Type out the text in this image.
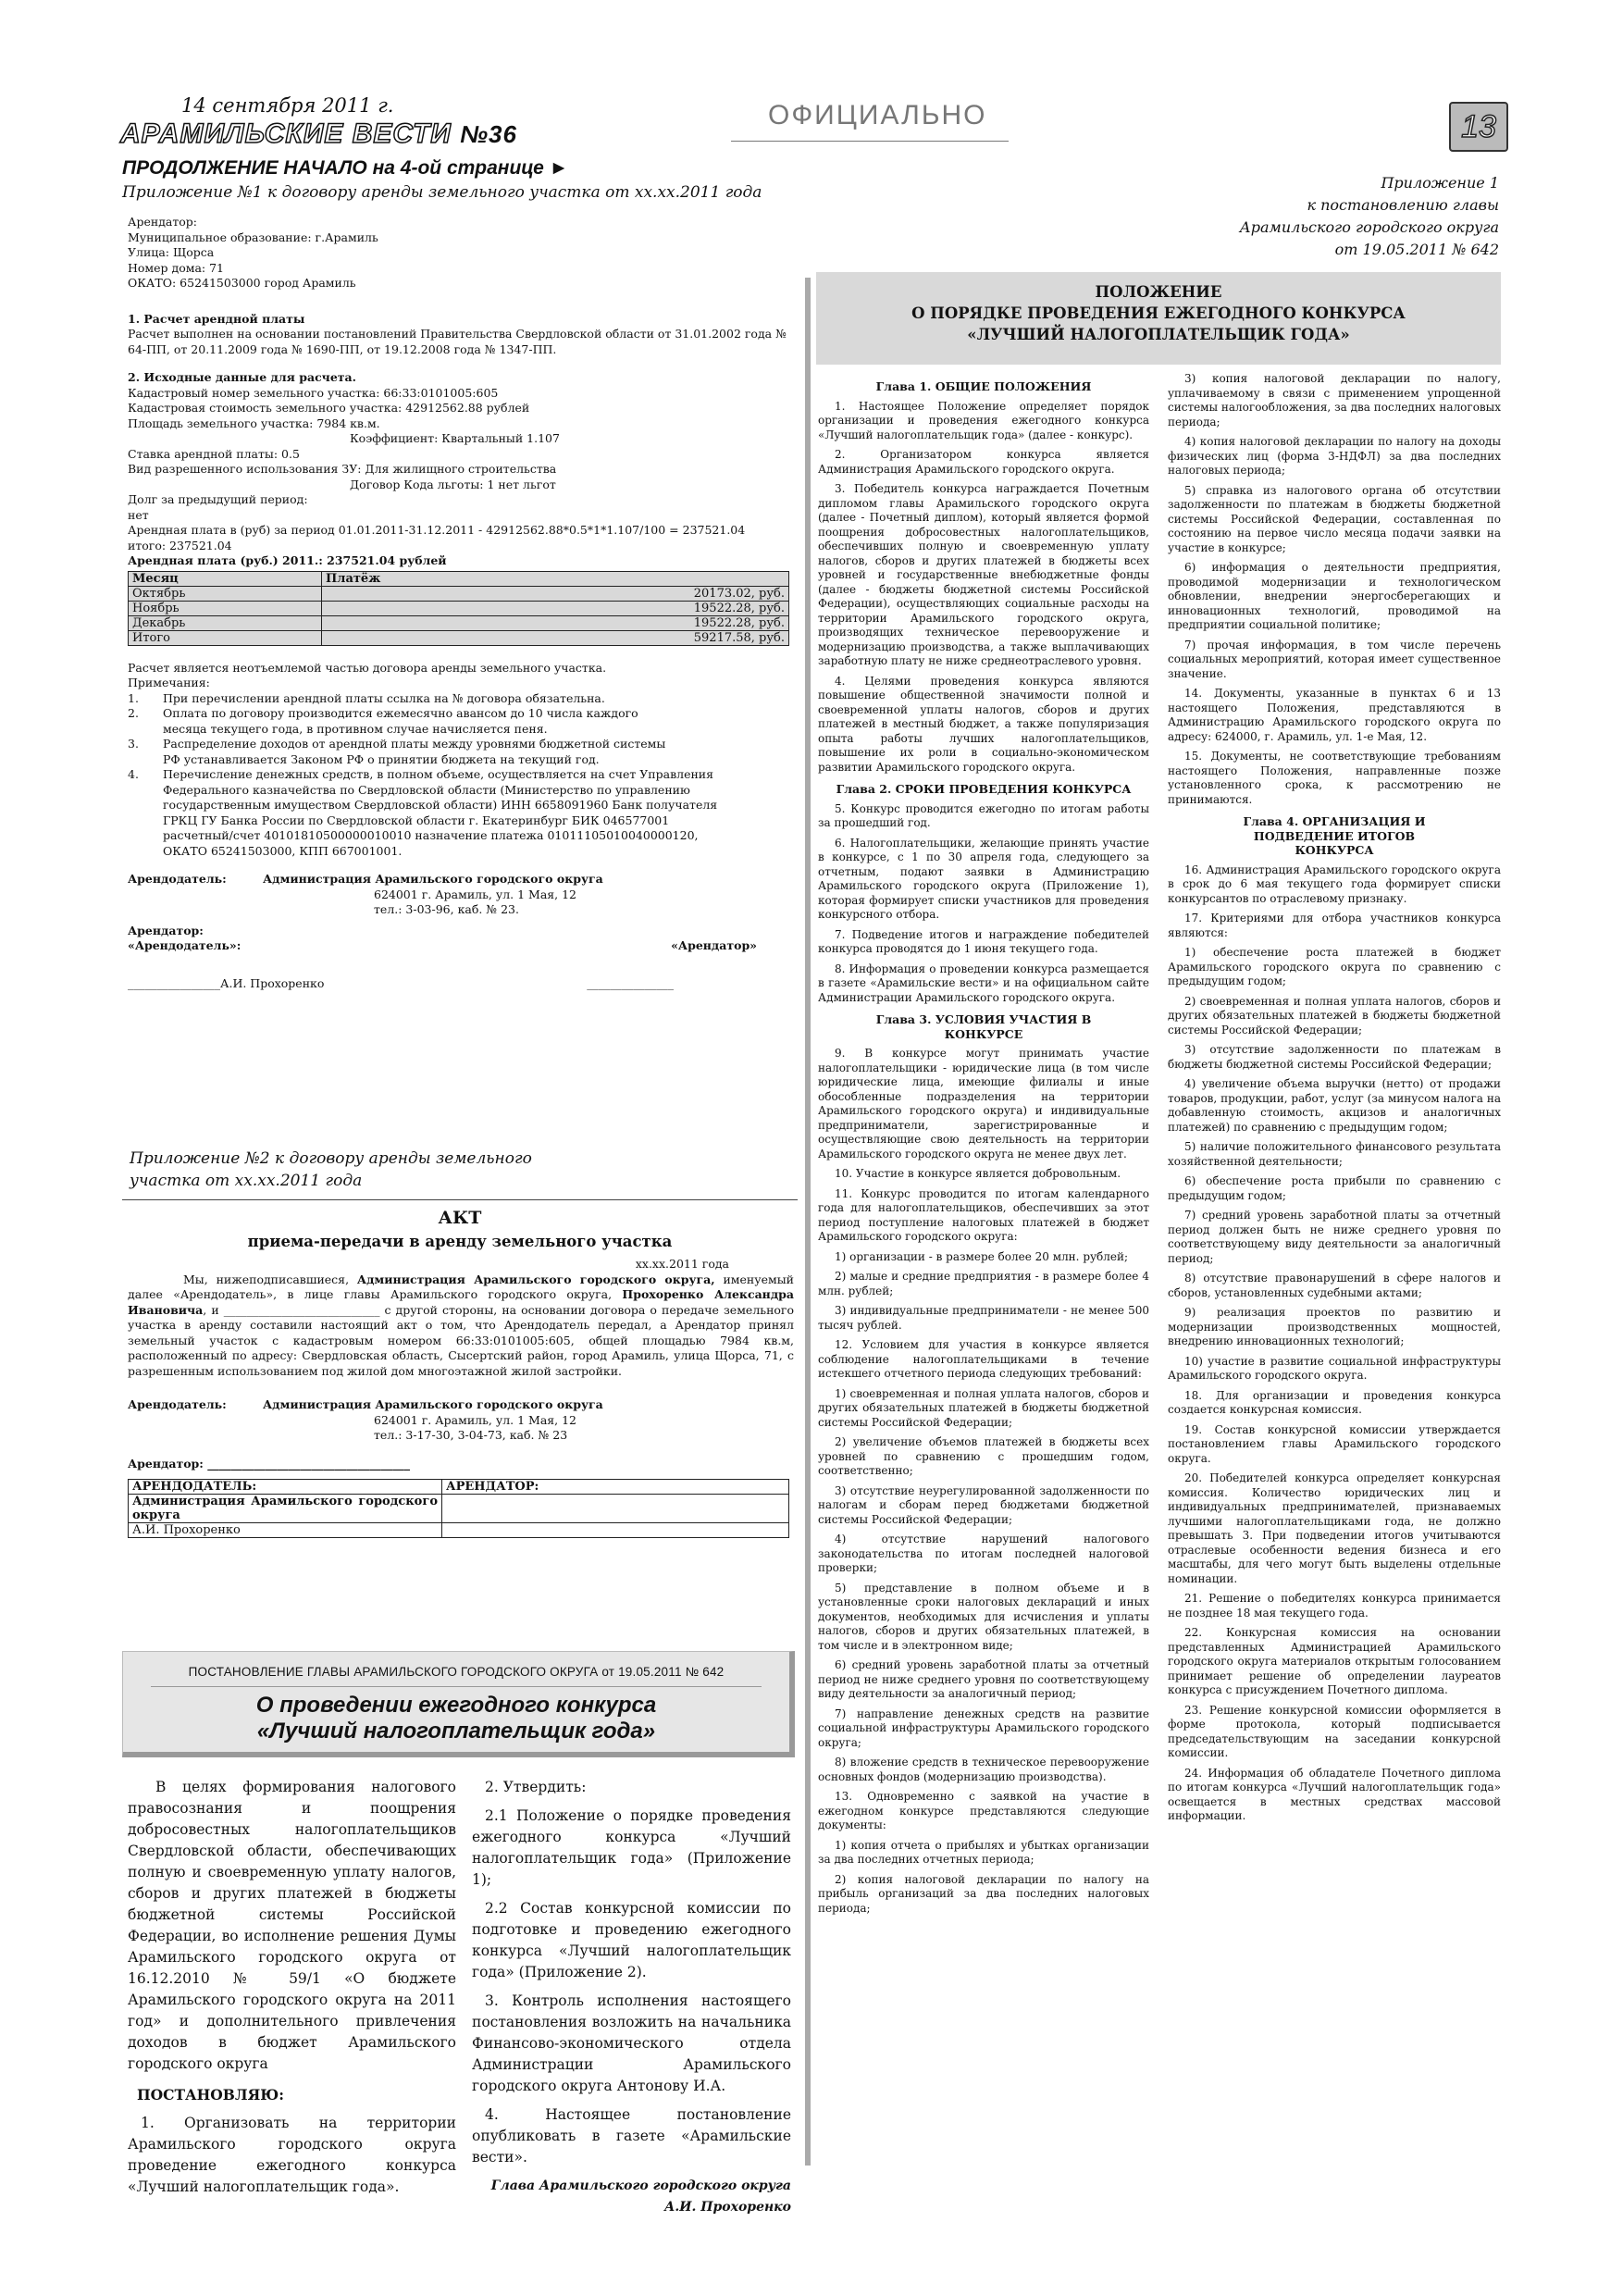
14 сентября 2011 г.
АРАМИЛЬСКИЕ ВЕСТИ №36
ОФИЦИАЛЬНО	13
ПРОДОЛЖЕНИЕ НАЧАЛО на 4-ой странице ►
Приложение №1 к договору аренды земельного участка от xx.xx.2011 года

Арендатор:

Муниципальное образование: г.Арамиль

Улица: Щорса

Номер дома: 71

ОКАТО: 65241503000 город Арамиль

1. Расчет арендной платы

Расчет выполнен на основании постановлений Правительства Свердловской области от 31.01.2002 года № 64-ПП, от 20.11.2009 года № 1690-ПП, от 19.12.2008 года № 1347-ПП.

2. Исходные данные для расчета.

Кадастровый номер земельного участка: 66:33:0101005:605

Кадастровая стоимость земельного участка: 42912562.88 рублей

Площадь земельного участка: 7984 кв.м.

Коэффициент: Квартальный 1.107

Ставка арендной платы: 0.5

Вид разрешенного использования ЗУ: Для жилищного строительства

Договор Кода льготы: 1 нет льгот

Долг за предыдущий период:

нет

Арендная плата в (руб) за период 01.01.2011-31.12.2011 - 42912562.88*0.5*1*1.107/100 = 237521.04

итого: 237521.04

Арендная плата (руб.) 2011.: 237521.04 рублей

Месяц	Платёж
Октябрь	20173.02, руб.
Ноябрь	19522.28, руб.
Декабрь	19522.28, руб.
Итого	59217.58, руб.

Расчет является неотъемлемой частью договора аренды земельного участка.

Примечания:

1.	При перечислении арендной платы ссылка на № договора обязательна.
2.	Оплата по договору производится ежемесячно авансом до 10 числа каждого месяца текущего года, в противном случае начисляется пеня.
3.	Распределение доходов от арендной платы между уровнями бюджетной системы РФ устанавливается Законом РФ о принятии бюджета на текущий год.
4.	Перечисление денежных средств, в полном объеме, осуществляется на счет Управления Федерального казначейства по Свердловской области (Министерство по управлению государственным имуществом Свердловской области) ИНН 6658091960 Банк получателя ГРКЦ ГУ Банка России по Свердловской области г. Екатеринбург БИК 046577001 расчетный/счет 40101810500000010010 назначение платежа 01011105010040000120, ОКАТО 65241503000, КПП 667001001.

Арендодатель:	Администрация Арамильского городского округа

624001 г. Арамиль, ул. 1 Мая, 12

тел.: 3-03-96, каб. № 23.

Арендатор:

«Арендодатель»:	«Арендатор»

________________А.И. Прохоренко	_______________
Приложение №2 к договору аренды земельного участка от xx.xx.2011 года
АКТ
приема-передачи в аренду земельного участка

xx.xx.2011 года

Мы, нижеподписавшиеся, Администрация Арамильского городского округа, именуемый далее «Арендодатель», в лице главы Арамильского городского округа, Прохоренко Александра Ивановича, и ___________________________ с другой стороны, на основании договора о передаче земельного участка в аренду составили настоящий акт о том, что Арендодатель передал, а Арендатор принял земельный участок с кадастровым номером 66:33:0101005:605, общей площадью 7984 кв.м, расположенный по адресу: Свердловская область, Сысертский район, город Арамиль, улица Щорса, 71, с разрешенным использованием под жилой дом многоэтажной жилой застройки.

Арендодатель:	Администрация Арамильского городского округа

624001 г. Арамиль, ул. 1 Мая, 12

тел.: 3-17-30, 3-04-73, каб. № 23

Арендатор: ___________________________________

АРЕНДОДАТЕЛЬ:	АРЕНДАТОР:
Администрация Арамильского городского округа	
А.И. Прохоренко	
ПОСТАНОВЛЕНИЕ ГЛАВЫ АРАМИЛЬСКОГО ГОРОДСКОГО ОКРУГА от 19.05.2011 № 642
О проведении ежегодного конкурса
«Лучший налогоплательщик года»

В целях формирования налогового правосознания и поощрения добросовестных налогоплательщиков Свердловской области, обеспечивающих полную и своевременную уплату налогов, сборов и других платежей в бюджеты бюджетной системы Российской Федерации, во исполнение решения Думы Арамильского городского округа от 16.12.2010 № 59/1 «О бюджете Арамильского городского округа на 2011 год» и дополнительного привлечения доходов в бюджет Арамильского городского округа

ПОСТАНОВЛЯЮ:

1. Организовать на территории Арамильского городского округа проведение ежегодного конкурса «Лучший налогоплательщик года».

2. Утвердить:

2.1 Положение о порядке проведения ежегодного конкурса «Лучший налогоплательщик года» (Приложение 1);

2.2 Состав конкурсной комиссии по подготовке и проведению ежегодного конкурса «Лучший налогоплательщик года» (Приложение 2).

3. Контроль исполнения настоящего постановления возложить на начальника Финансово-экономического отдела Администрации Арамильского городского округа Антонову И.А.

4. Настоящее постановление опубликовать в газете «Арамильские вести».

Глава Арамильского городского округа

А.И. Прохоренко

Приложение 1

к постановлению главы

Арамильского городского округа

от 19.05.2011 № 642

ПОЛОЖЕНИЕ

О ПОРЯДКЕ ПРОВЕДЕНИЯ ЕЖЕГОДНОГО КОНКУРСА

«ЛУЧШИЙ НАЛОГОПЛАТЕЛЬЩИК ГОДА»

Глава 1. ОБЩИЕ ПОЛОЖЕНИЯ

1. Настоящее Положение определяет порядок организации и проведения ежегодного конкурса «Лучший налогоплательщик года» (далее - конкурс).

2. Организатором конкурса является Администрация Арамильского городского округа.

3. Победитель конкурса награждается Почетным дипломом главы Арамильского городского округа (далее - Почетный диплом), который является формой поощрения добросовестных налогоплательщиков, обеспечивших полную и своевременную уплату налогов, сборов и других платежей в бюджеты всех уровней и государственные внебюджетные фонды (далее - бюджеты бюджетной системы Российской Федерации), осуществляющих социальные расходы на территории Арамильского городского округа, производящих техническое перевооружение и модернизацию производства, а также выплачивающих заработную плату не ниже среднеотраслевого уровня.

4. Целями проведения конкурса являются повышение общественной значимости полной и своевременной уплаты налогов, сборов и других платежей в местный бюджет, а также популяризация опыта работы лучших налогоплательщиков, повышение их роли в социально-экономическом развитии Арамильского городского округа.

Глава 2. СРОКИ ПРОВЕДЕНИЯ КОНКУРСА

5. Конкурс проводится ежегодно по итогам работы за прошедший год.

6. Налогоплательщики, желающие принять участие в конкурсе, с 1 по 30 апреля года, следующего за отчетным, подают заявки в Администрацию Арамильского городского округа (Приложение 1), которая формирует списки участников для проведения конкурсного отбора.

7. Подведение итогов и награждение победителей конкурса проводятся до 1 июня текущего года.

8. Информация о проведении конкурса размещается в газете «Арамильские вести» и на официальном сайте Администрации Арамильского городского округа.

Глава 3. УСЛОВИЯ УЧАСТИЯ В КОНКУРСЕ

9. В конкурсе могут принимать участие налогоплательщики - юридические лица (в том числе юридические лица, имеющие филиалы и иные обособленные подразделения на территории Арамильского городского округа) и индивидуальные предприниматели, зарегистрированные и осуществляющие свою деятельность на территории Арамильского городского округа не менее двух лет.

10. Участие в конкурсе является добровольным.

11. Конкурс проводится по итогам календарного года для налогоплательщиков, обеспечивших за этот период поступление налоговых платежей в бюджет Арамильского городского округа:

1) организации - в размере более 20 млн. рублей;

2) малые и средние предприятия - в размере более 4 млн. рублей;

3) индивидуальные предприниматели - не менее 500 тысяч рублей.

12. Условием для участия в конкурсе является соблюдение налогоплательщиками в течение истекшего отчетного периода следующих требований:

1) своевременная и полная уплата налогов, сборов и других обязательных платежей в бюджеты бюджетной системы Российской Федерации;

2) увеличение объемов платежей в бюджеты всех уровней по сравнению с прошедшим годом, соответственно;

3) отсутствие неурегулированной задолженности по налогам и сборам перед бюджетами бюджетной системы Российской Федерации;

4) отсутствие нарушений налогового законодательства по итогам последней налоговой проверки;

5) представление в полном объеме и в установленные сроки налоговых деклараций и иных документов, необходимых для исчисления и уплаты налогов, сборов и других обязательных платежей, в том числе и в электронном виде;

6) средний уровень заработной платы за отчетный период не ниже среднего уровня по соответствующему виду деятельности за аналогичный период;

7) направление денежных средств на развитие социальной инфраструктуры Арамильского городского округа;

8) вложение средств в техническое перевооружение основных фондов (модернизацию производства).

13. Одновременно с заявкой на участие в ежегодном конкурсе представляются следующие документы:

1) копия отчета о прибылях и убытках организации за два последних отчетных периода;

2) копия налоговой декларации по налогу на прибыль организаций за два последних налоговых периода;

3) копия налоговой декларации по налогу, уплачиваемому в связи с применением упрощенной системы налогообложения, за два последних налоговых периода;

4) копия налоговой декларации по налогу на доходы физических лиц (форма 3-НДФЛ) за два последних налоговых периода;

5) справка из налогового органа об отсутствии задолженности по платежам в бюджеты бюджетной системы Российской Федерации, составленная по состоянию на первое число месяца подачи заявки на участие в конкурсе;

6) информация о деятельности предприятия, проводимой модернизации и технологическом обновлении, внедрении энергосберегающих и инновационных технологий, проводимой на предприятии социальной политике;

7) прочая информация, в том числе перечень социальных мероприятий, которая имеет существенное значение.

14. Документы, указанные в пунктах 6 и 13 настоящего Положения, представляются в Администрацию Арамильского городского округа по адресу: 624000, г. Арамиль, ул. 1-е Мая, 12.

15. Документы, не соответствующие требованиям настоящего Положения, направленные позже установленного срока, к рассмотрению не принимаются.

Глава 4. ОРГАНИЗАЦИЯ И ПОДВЕДЕНИЕ ИТОГОВ КОНКУРСА

16. Администрация Арамильского городского округа в срок до 6 мая текущего года формирует списки конкурсантов по отраслевому признаку.

17. Критериями для отбора участников конкурса являются:

1) обеспечение роста платежей в бюджет Арамильского городского округа по сравнению с предыдущим годом;

2) своевременная и полная уплата налогов, сборов и других обязательных платежей в бюджеты бюджетной системы Российской Федерации;

3) отсутствие задолженности по платежам в бюджеты бюджетной системы Российской Федерации;

4) увеличение объема выручки (нетто) от продажи товаров, продукции, работ, услуг (за минусом налога на добавленную стоимость, акцизов и аналогичных платежей) по сравнению с предыдущим годом;

5) наличие положительного финансового результата хозяйственной деятельности;

6) обеспечение роста прибыли по сравнению с предыдущим годом;

7) средний уровень заработной платы за отчетный период должен быть не ниже среднего уровня по соответствующему виду деятельности за аналогичный период;

8) отсутствие правонарушений в сфере налогов и сборов, установленных судебными актами;

9) реализация проектов по развитию и модернизации производственных мощностей, внедрению инновационных технологий;

10) участие в развитие социальной инфраструктуры Арамильского городского округа.

18. Для организации и проведения конкурса создается конкурсная комиссия.

19. Состав конкурсной комиссии утверждается постановлением главы Арамильского городского округа.

20. Победителей конкурса определяет конкурсная комиссия. Количество юридических лиц и индивидуальных предпринимателей, признаваемых лучшими налогоплательщиками года, не должно превышать 3. При подведении итогов учитываются отраслевые особенности ведения бизнеса и его масштабы, для чего могут быть выделены отдельные номинации.

21. Решение о победителях конкурса принимается не позднее 18 мая текущего года.

22. Конкурсная комиссия на основании представленных Администрацией Арамильского городского округа материалов открытым голосованием принимает решение об определении лауреатов конкурса с присуждением Почетного диплома.

23. Решение конкурсной комиссии оформляется в форме протокола, который подписывается председательствующим на заседании конкурсной комиссии.

24. Информация об обладателе Почетного диплома по итогам конкурса «Лучший налогоплательщик года» освещается в местных средствах массовой информации.
